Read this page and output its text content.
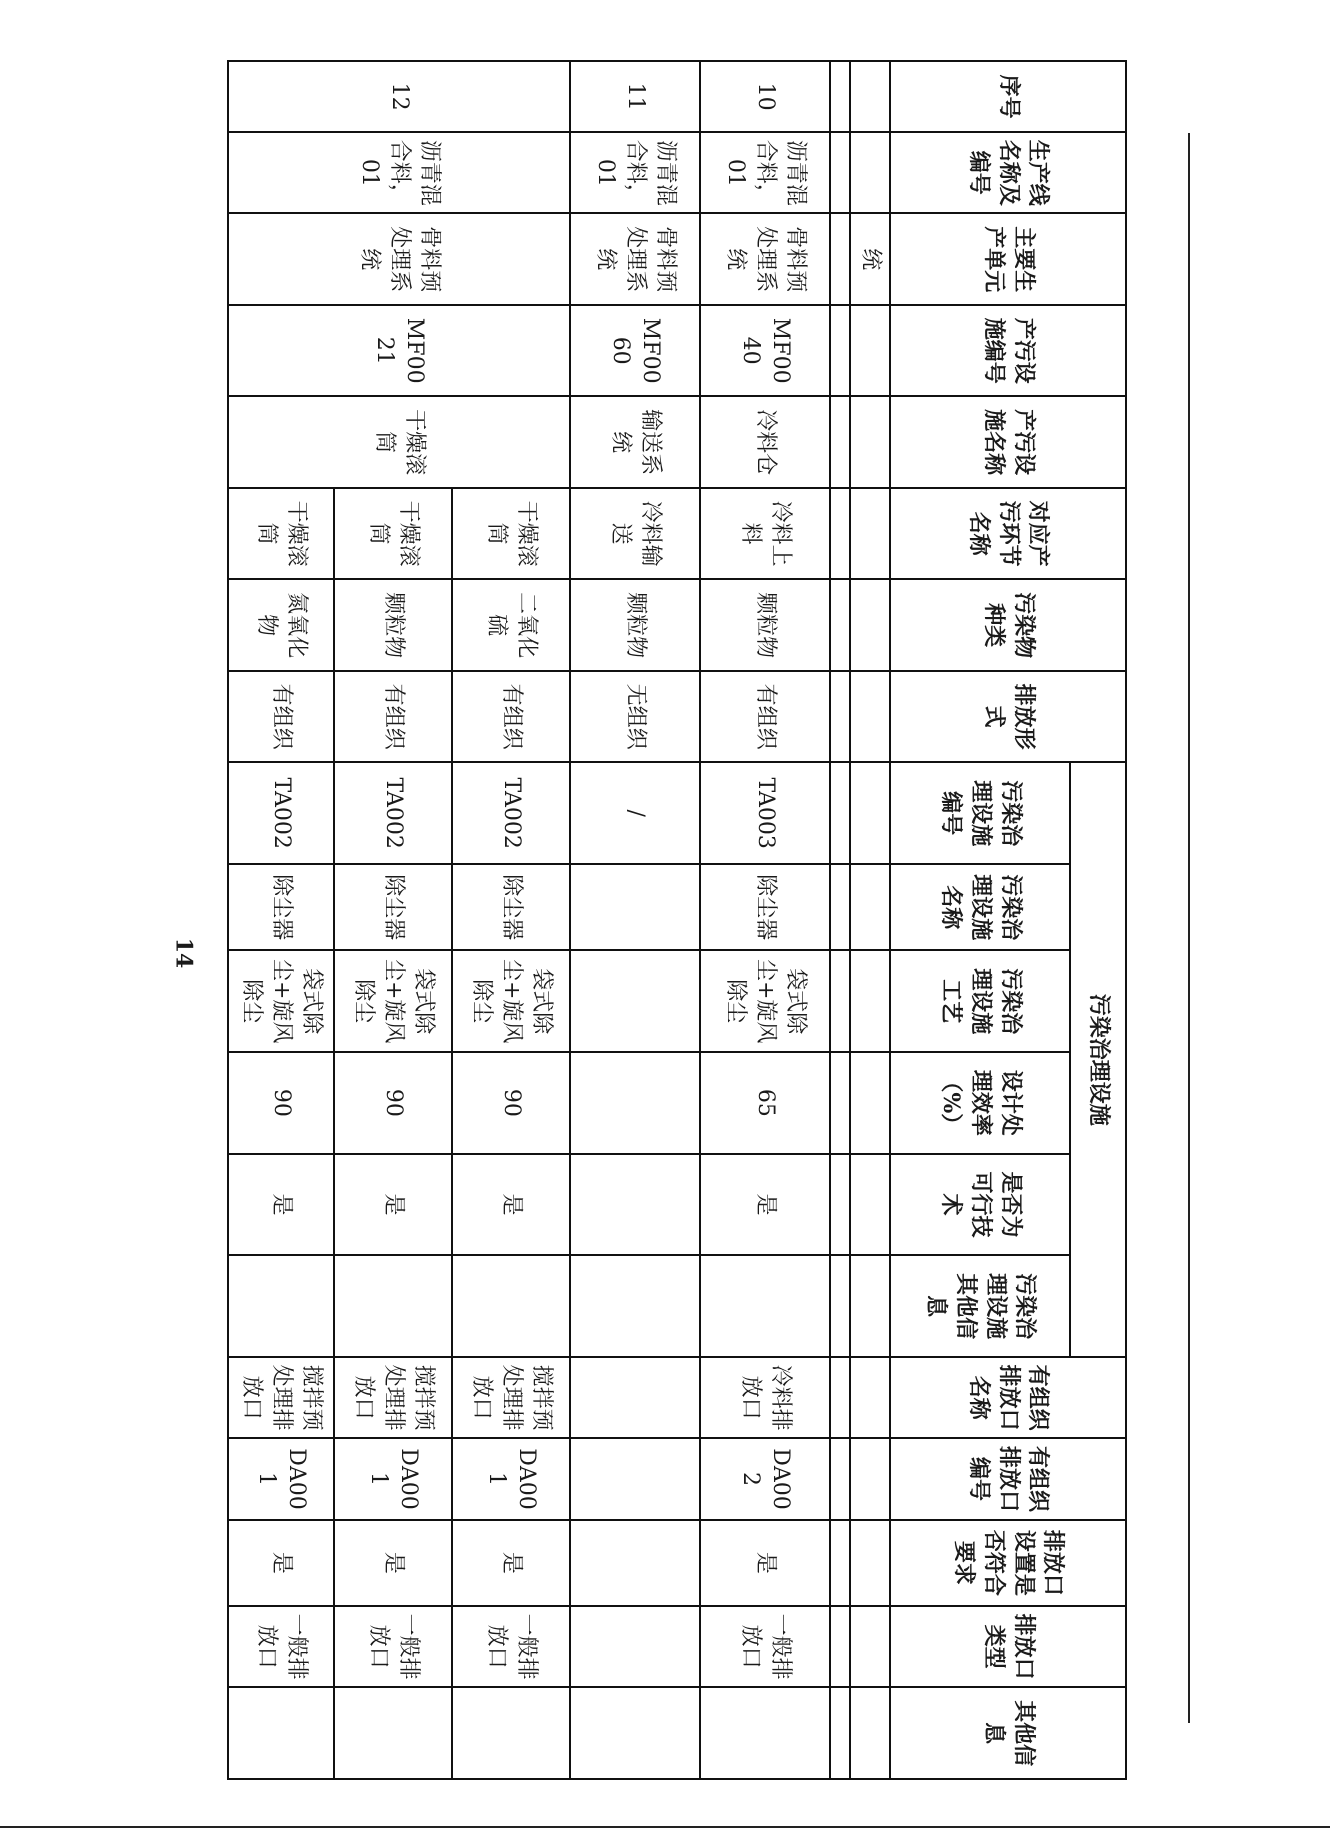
14
序号	生产线名称及编号	主要生产单元	产污设施编号	产污设施名称	对应产污环节名称	污染物种类	排放形式	污染治理设施						有组织排放口名称	有组织排放口编号	排放口设置是否符合要求	排放口类型	其他信息
								污染治理设施编号	污染治理设施名称	污染治理设施工艺	设计处理效率（%）	是否为可行技术	污染治理设施其他信息					
		统																

10	沥青混合料，01	骨料预处理系统	MF0040	冷料仓	冷料上料	颗粒物	有组织	TA003	除尘器	袋式除尘+旋风除尘	65	是		冷料排放口	DA002	是	一般排放口	
11	沥青混合料，01	骨料预处理系统	MF0060	输送系统	冷料输送	颗粒物	无组织	/										
12	沥青混合料，01	骨料预处理系统	MF0021	干燥滚筒	干燥滚筒	二氧化硫	有组织	TA002	除尘器	袋式除尘+旋风除尘	90	是		搅拌预处理排放口	DA001	是	一般排放口	
					干燥滚筒	颗粒物	有组织	TA002	除尘器	袋式除尘+旋风除尘	90	是		搅拌预处理排放口	DA001	是	一般排放口	
					干燥滚筒	氮氧化物	有组织	TA002	除尘器	袋式除尘+旋风除尘	90	是		搅拌预处理排放口	DA001	是	一般排放口	
